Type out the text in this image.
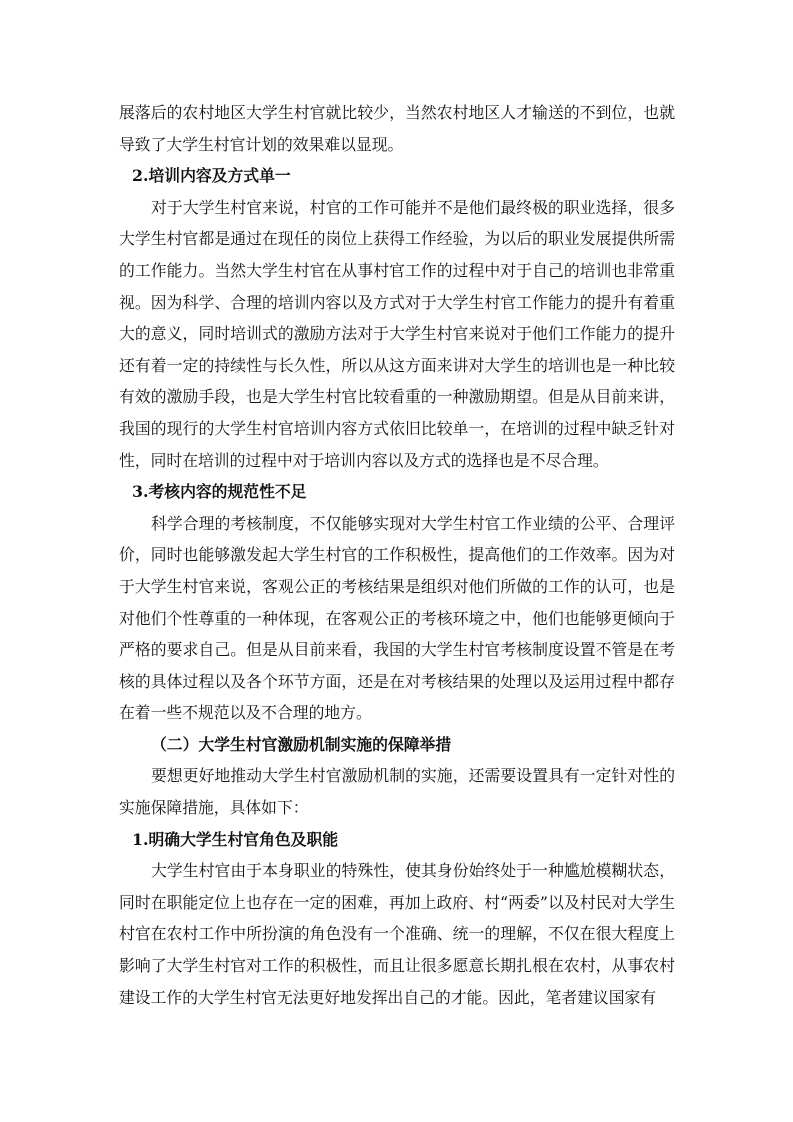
展落后的农村地区大学生村官就比较少，当然农村地区人才输送的不到位，也就导致了大学生村官计划的效果难以显现。

2.培训内容及方式单一

对于大学生村官来说，村官的工作可能并不是他们最终极的职业选择，很多大学生村官都是通过在现任的岗位上获得工作经验，为以后的职业发展提供所需的工作能力。当然大学生村官在从事村官工作的过程中对于自己的培训也非常重视。因为科学、合理的培训内容以及方式对于大学生村官工作能力的提升有着重大的意义，同时培训式的激励方法对于大学生村官来说对于他们工作能力的提升还有着一定的持续性与长久性，所以从这方面来讲对大学生的培训也是一种比较有效的激励手段，也是大学生村官比较看重的一种激励期望。但是从目前来讲，我国的现行的大学生村官培训内容方式依旧比较单一，在培训的过程中缺乏针对性，同时在培训的过程中对于培训内容以及方式的选择也是不尽合理。

3.考核内容的规范性不足

科学合理的考核制度，不仅能够实现对大学生村官工作业绩的公平、合理评价，同时也能够激发起大学生村官的工作积极性，提高他们的工作效率。因为对于大学生村官来说，客观公正的考核结果是组织对他们所做的工作的认可，也是对他们个性尊重的一种体现，在客观公正的考核环境之中，他们也能够更倾向于严格的要求自己。但是从目前来看，我国的大学生村官考核制度设置不管是在考核的具体过程以及各个环节方面，还是在对考核结果的处理以及运用过程中都存在着一些不规范以及不合理的地方。

（二）大学生村官激励机制实施的保障举措

要想更好地推动大学生村官激励机制的实施，还需要设置具有一定针对性的实施保障措施，具体如下：

1.明确大学生村官角色及职能

大学生村官由于本身职业的特殊性，使其身份始终处于一种尴尬模糊状态，同时在职能定位上也存在一定的困难，再加上政府、村“两委”以及村民对大学生村官在农村工作中所扮演的角色没有一个准确、统一的理解，不仅在很大程度上影响了大学生村官对工作的积极性，而且让很多愿意长期扎根在农村，从事农村建设工作的大学生村官无法更好地发挥出自己的才能。因此，笔者建议国家有
